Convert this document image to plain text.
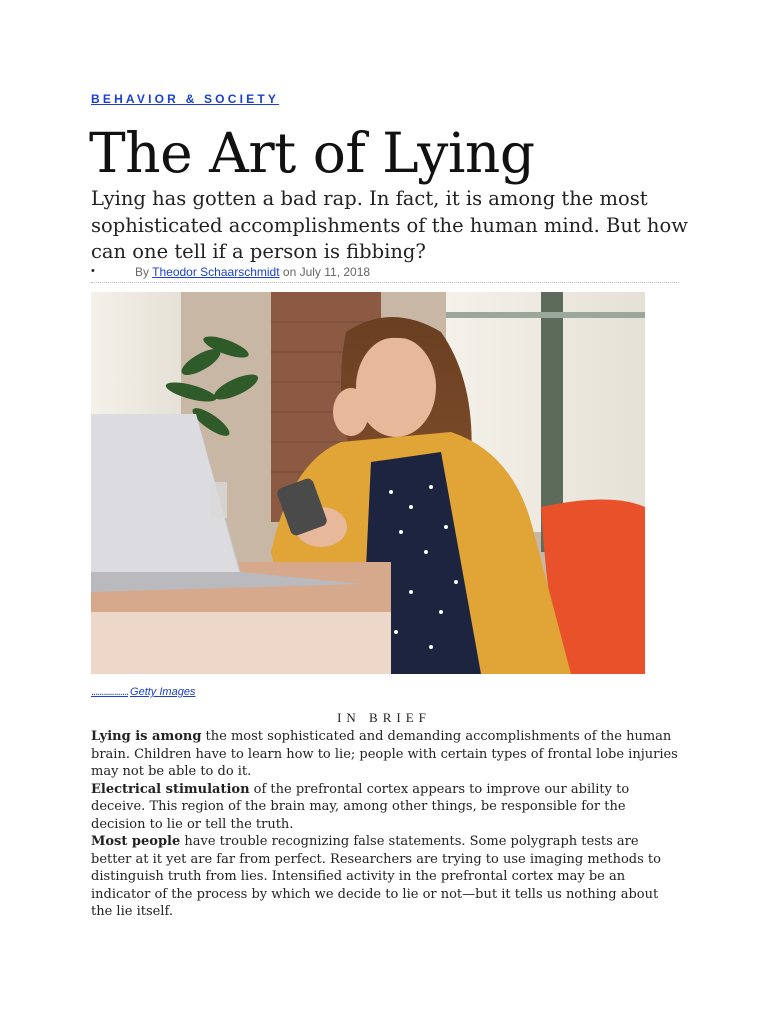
BEHAVIOR & SOCIETY
The Art of Lying

Lying has gotten a bad rap. In fact, it is among the most sophisticated accomplishments of the human mind. But how can one tell if a person is fibbing?

•	By Theodor Schaarschmidt on July 11, 2018
.................. Getty Images
IN BRIEF

Lying is among the most sophisticated and demanding accomplishments of the human brain. Children have to learn how to lie; people with certain types of frontal lobe injuries may not be able to do it.

Electrical stimulation of the prefrontal cortex appears to improve our ability to deceive. This region of the brain may, among other things, be responsible for the decision to lie or tell the truth.

Most people have trouble recognizing false statements. Some polygraph tests are better at it yet are far from perfect. Researchers are trying to use imaging methods to distinguish truth from lies. Intensified activity in the prefrontal cortex may be an indicator of the process by which we decide to lie or not—but it tells us nothing about the lie itself.
